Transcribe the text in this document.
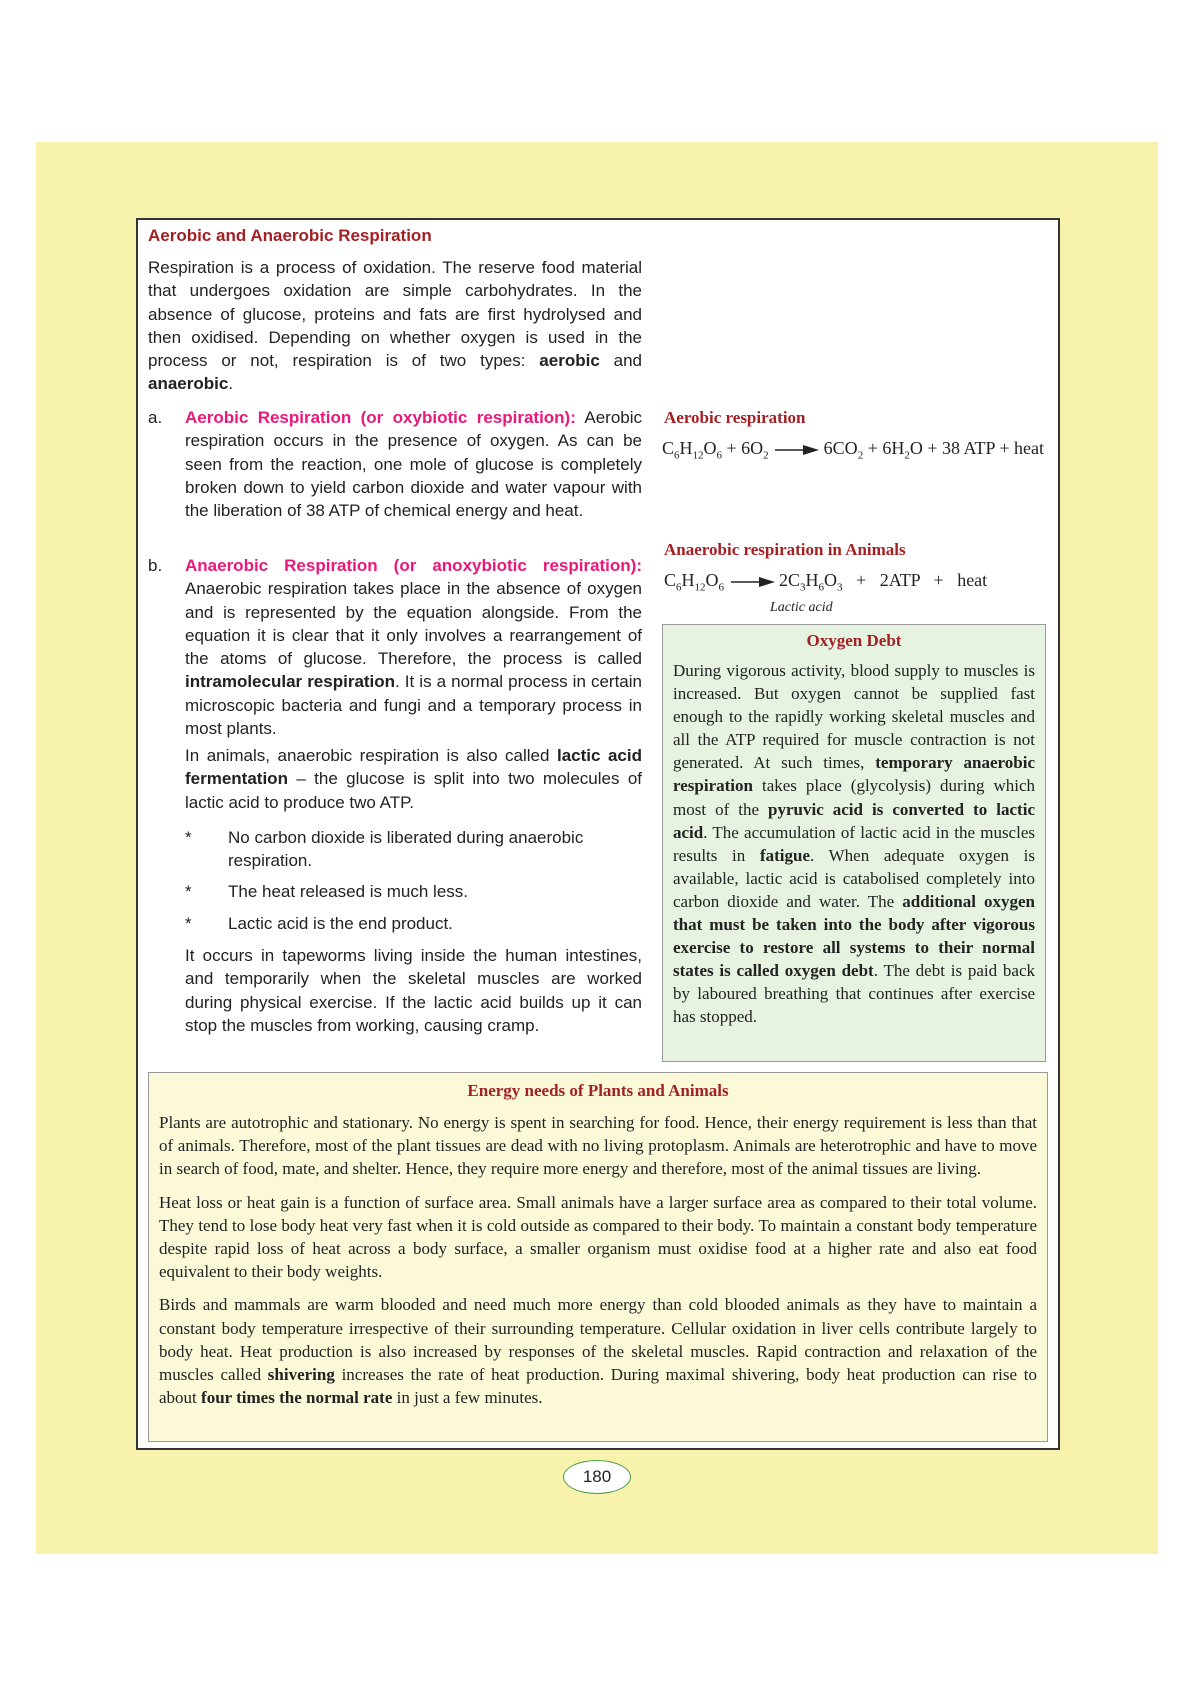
Aerobic and Anaerobic Respiration
Respiration is a process of oxidation. The reserve food material that undergoes oxidation are simple carbohydrates. In the absence of glucose, proteins and fats are first hydrolysed and then oxidised. Depending on whether oxygen is used in the process or not, respiration is of two types: aerobic and anaerobic.
a. Aerobic Respiration (or oxybiotic respiration): Aerobic respiration occurs in the presence of oxygen. As can be seen from the reaction, one mole of glucose is completely broken down to yield carbon dioxide and water vapour with the liberation of 38 ATP of chemical energy and heat.
b. Anaerobic Respiration (or anoxybiotic respiration): Anaerobic respiration takes place in the absence of oxygen and is represented by the equation alongside. From the equation it is clear that it only involves a rearrangement of the atoms of glucose. Therefore, the process is called intramolecular respiration. It is a normal process in certain microscopic bacteria and fungi and a temporary process in most plants.
In animals, anaerobic respiration is also called lactic acid fermentation – the glucose is split into two molecules of lactic acid to produce two ATP.
* No carbon dioxide is liberated during anaerobic respiration.
* The heat released is much less.
* Lactic acid is the end product.
It occurs in tapeworms living inside the human intestines, and temporarily when the skeletal muscles are worked during physical exercise. If the lactic acid builds up it can stop the muscles from working, causing cramp.
Aerobic respiration
$C_6H_{12}O_6 + 6O_2 \to 6CO_2 + 6H_2O + 38$ ATP + heat
Anaerobic respiration in Animals
$C_6H_{12}O_6 \to 2C_3H_6O_3 + 2ATP$   +   heat
Lactic acid
Oxygen Debt
During vigorous activity, blood supply to muscles is increased. But oxygen cannot be supplied fast enough to the rapidly working skeletal muscles and all the ATP required for muscle contraction is not generated. At such times, temporary anaerobic respiration takes place (glycolysis) during which most of the pyruvic acid is converted to lactic acid. The accumulation of lactic acid in the muscles results in fatigue. When adequate oxygen is available, lactic acid is catabolised completely into carbon dioxide and water. The additional oxygen that must be taken into the body after vigorous exercise to restore all systems to their normal states is called oxygen debt. The debt is paid back by laboured breathing that continues after exercise has stopped.
Energy needs of Plants and Animals
Plants are autotrophic and stationary. No energy is spent in searching for food. Hence, their energy requirement is less than that of animals. Therefore, most of the plant tissues are dead with no living protoplasm. Animals are heterotrophic and have to move in search of food, mate, and shelter. Hence, they require more energy and therefore, most of the animal tissues are living.
Heat loss or heat gain is a function of surface area. Small animals have a larger surface area as compared to their total volume. They tend to lose body heat very fast when it is cold outside as compared to their body. To maintain a constant body temperature despite rapid loss of heat across a body surface, a smaller organism must oxidise food at a higher rate and also eat food equivalent to their body weights.
Birds and mammals are warm blooded and need much more energy than cold blooded animals as they have to maintain a constant body temperature irrespective of their surrounding temperature. Cellular oxidation in liver cells contribute largely to body heat. Heat production is also increased by responses of the skeletal muscles. Rapid contraction and relaxation of the muscles called shivering increases the rate of heat production. During maximal shivering, body heat production can rise to about four times the normal rate in just a few minutes.
180
